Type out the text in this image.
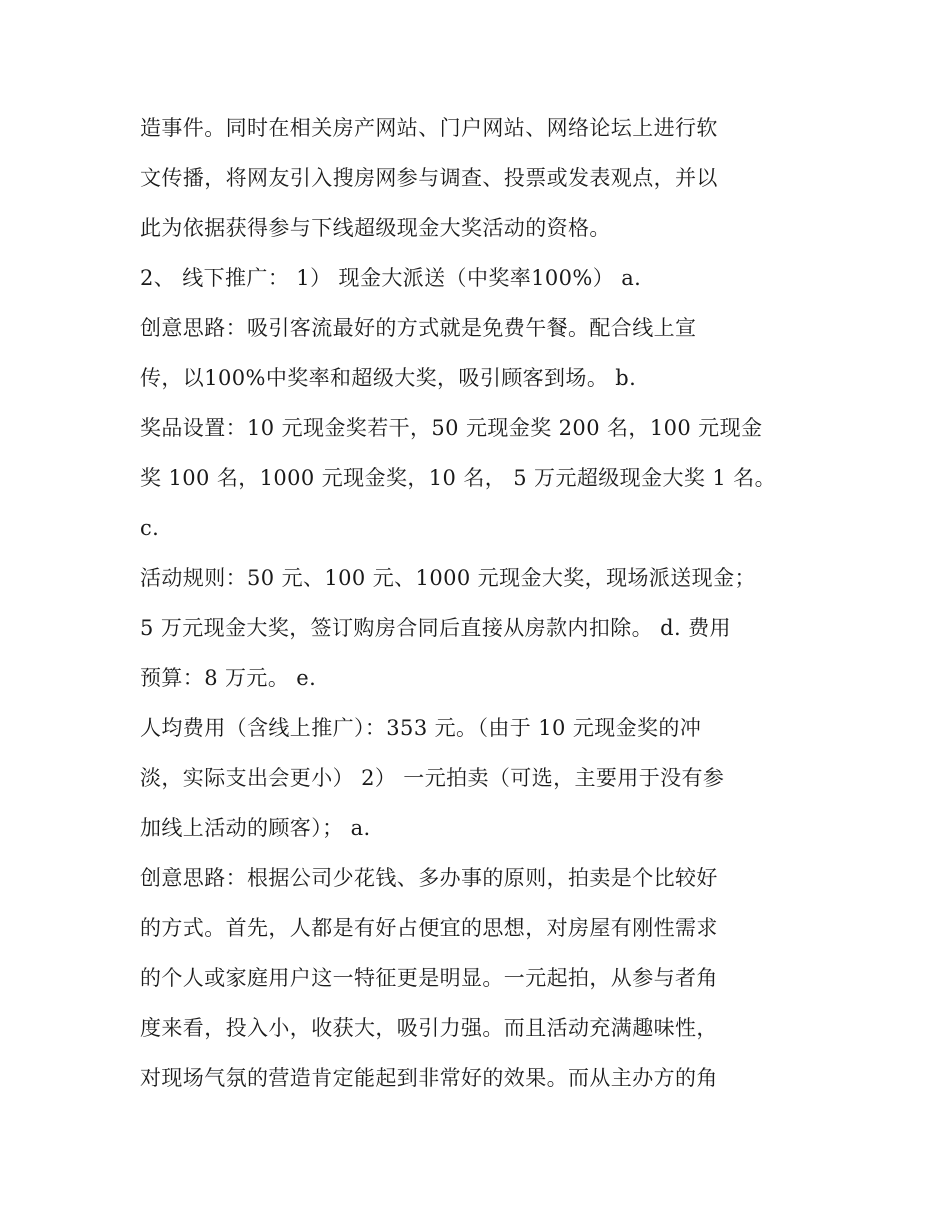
造事件。同时在相关房产网站、门户网站、网络论坛上进行软
文传播，将网友引入搜房网参与调查、投票或发表观点，并以
此为依据获得参与下线超级现金大奖活动的资格。
2、 线下推广： 1） 现金大派送（中奖率100%） a.
创意思路：吸引客流最好的方式就是免费午餐。配合线上宣
传，以100%中奖率和超级大奖，吸引顾客到场。 b.
奖品设置：10 元现金奖若干，50 元现金奖 200 名，100 元现金
奖 100 名，1000 元现金奖，10 名， 5 万元超级现金大奖 1 名。
c.
活动规则：50 元、100 元、1000 元现金大奖，现场派送现金；
5 万元现金大奖，签订购房合同后直接从房款内扣除。 d. 费用
预算：8 万元。 e.
人均费用（含线上推广）：353 元。（由于 10 元现金奖的冲
淡，实际支出会更小） 2） 一元拍卖（可选，主要用于没有参
加线上活动的顾客）； a.
创意思路：根据公司少花钱、多办事的原则，拍卖是个比较好
的方式。首先，人都是有好占便宜的思想，对房屋有刚性需求
的个人或家庭用户这一特征更是明显。一元起拍，从参与者角
度来看，投入小，收获大，吸引力强。而且活动充满趣味性，
对现场气氛的营造肯定能起到非常好的效果。而从主办方的角
